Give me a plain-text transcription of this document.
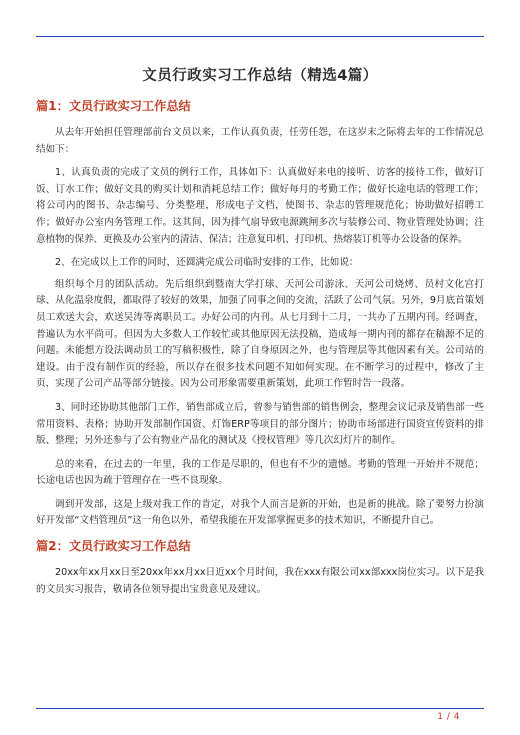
文员行政实习工作总结（精选4篇）
篇1：文员行政实习工作总结

从去年开始担任管理部前台文员以来，工作认真负责，任劳任怨，在这岁末之际将去年的工作情况总结如下：

1、认真负责的完成了文员的例行工作，具体如下：认真做好来电的接听、访客的接待工作，做好订饭、订水工作；做好文具的购买计划和消耗总结工作；做好每月的考勤工作；做好长途电话的管理工作；将公司内的图书、杂志编号、分类整理，形成电子文档，使图书、杂志的管理规范化；协助做好招聘工作；做好办公室内务管理工作。这其间，因为排气扇导致电源跳闸多次与装修公司、物业管理处协调；注意植物的保养、更换及办公室内的清洁、保洁；注意复印机、打印机、热熔装订机等办公设备的保养。

2、在完成以上工作的同时，还圆满完成公司临时安排的工作，比如说：

组织每个月的团队活动。先后组织到暨南大学打球、天河公司游泳、天河公司烧烤、员村文化宫打球、从化温泉度假，都取得了较好的效果，加强了同事之间的交流，活跃了公司气氛。另外，9月底首策划员工欢送大会，欢送吴涛等离职员工。办好公司的内刊。从七月到十二月，一共办了五期内刊。经调查，普遍认为水平尚可。但因为大多数人工作较忙或其他原因无法投稿，造成每一期内刊的都存在稿源不足的问题。未能想方设法调动员工的写稿积极性，除了自身原因之外，也与管理层等其他因素有关。公司站的建设。由于没有制作页的经验，所以存在很多技术问题不知如何实现。在不断学习的过程中，修改了主页，实现了公司产品等部分链接。因为公司形象需要重新策划，此项工作暂时告一段落。

3、同时还协助其他部门工作，销售部成立后，曾参与销售部的销售例会，整理会议记录及销售部一些常用资料、表格；协助开发部制作国资、灯饰ERP等项目的部分图片；协助市场部进行国资宣传资料的排版、整理；另外还参与了公有物业产品化的测试及《授权管理》等几次幻灯片的制作。

总的来看，在过去的一年里，我的工作是尽职的，但也有不少的遗憾。考勤的管理一开始并不规范；长途电话也因为疏于管理存在一些不良现象。

调到开发部，这是上级对我工作的肯定，对我个人而言是新的开始，也是新的挑战。除了要努力扮演好开发部“文档管理员”这一角色以外，希望我能在开发部掌握更多的技术知识，不断提升自己。

篇2：文员行政实习工作总结

20xx年xx月xx日至20xx年xx月xx日近xx个月时间，我在xxx有限公司xx部xxx岗位实习。以下是我的文员实习报告，敬请各位领导提出宝贵意见及建议。

1 / 4
